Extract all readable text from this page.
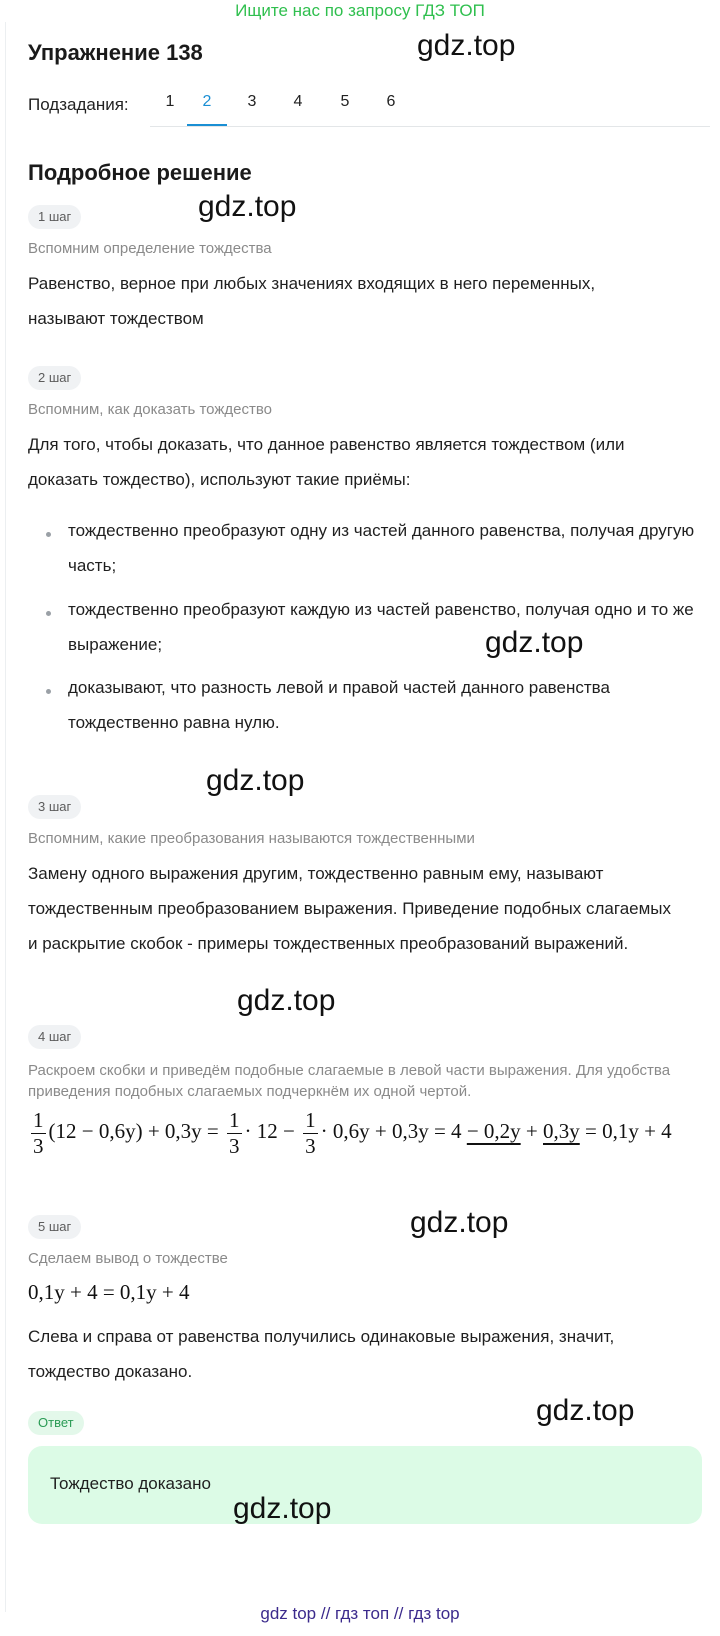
Ищите нас по запросу ГДЗ ТОП
Упражнение 138
Подзадания:	1	2	3	4	5	6
Подробное решение
1 шаг
Вспомним определение тождества
Равенство, верное при любых значениях входящих в него переменных, называют тождеством
2 шаг
Вспомним, как доказать тождество
Для того, чтобы доказать, что данное равенство является тождеством (или доказать тождество), используют такие приёмы:
тождественно преобразуют одну из частей данного равенства, получая другую часть;
тождественно преобразуют каждую из частей равенство, получая одно и то же выражение;
доказывают, что разность левой и правой частей данного равенства тождественно равна нулю.
3 шаг
Вспомним, какие преобразования называются тождественными
Замену одного выражения другим, тождественно равным ему, называют тождественным преобразованием выражения. Приведение подобных слагаемых и раскрытие скобок - примеры тождественных преобразований выражений.
4 шаг
Раскроем скобки и приведём подобные слагаемые в левой части выражения. Для удобства приведения подобных слагаемых подчеркнём их одной чертой.
$\frac{1}{3} (12 - 0,6y) + 0,3y = \frac{1}{3} \cdot 12 - \frac{1}{3} \cdot 0,6y + 0,3y = 4 - 0,2y + 0,3y = 0,1y + 4$
5 шаг
Сделаем вывод о тождестве
0,1y + 4 = 0,1y + 4
Слева и справа от равенства получились одинаковые выражения, значит, тождество доказано.
Ответ
Тождество доказано
gdz.top
gdz.top
gdz.top
gdz.top
gdz.top
gdz.top
gdz.top
gdz.top
gdz top // гдз топ // гдз top
